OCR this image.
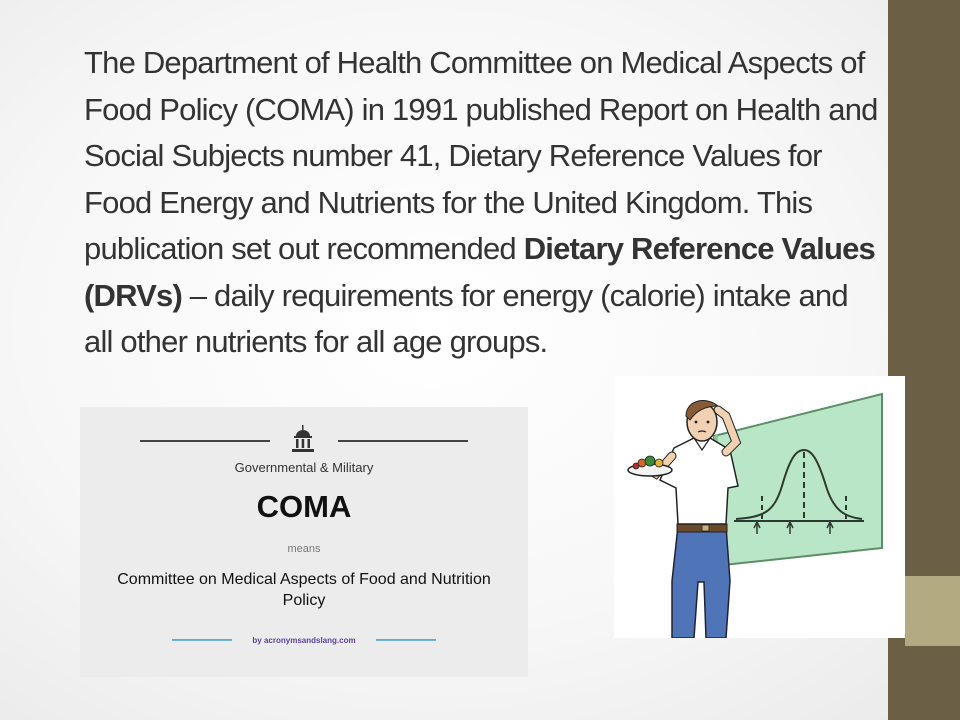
The Department of Health Committee on Medical Aspects of Food Policy (COMA) in 1991 published Report on Health and Social Subjects number 41, Dietary Reference Values for Food Energy and Nutrients for the United Kingdom. This publication set out recommended Dietary Reference Values (DRVs) – daily requirements for energy (calorie) intake and all other nutrients for all age groups.

Governmental & Military
COMA
means
Committee on Medical Aspects of Food and Nutrition Policy
by acronymsandslang.com
